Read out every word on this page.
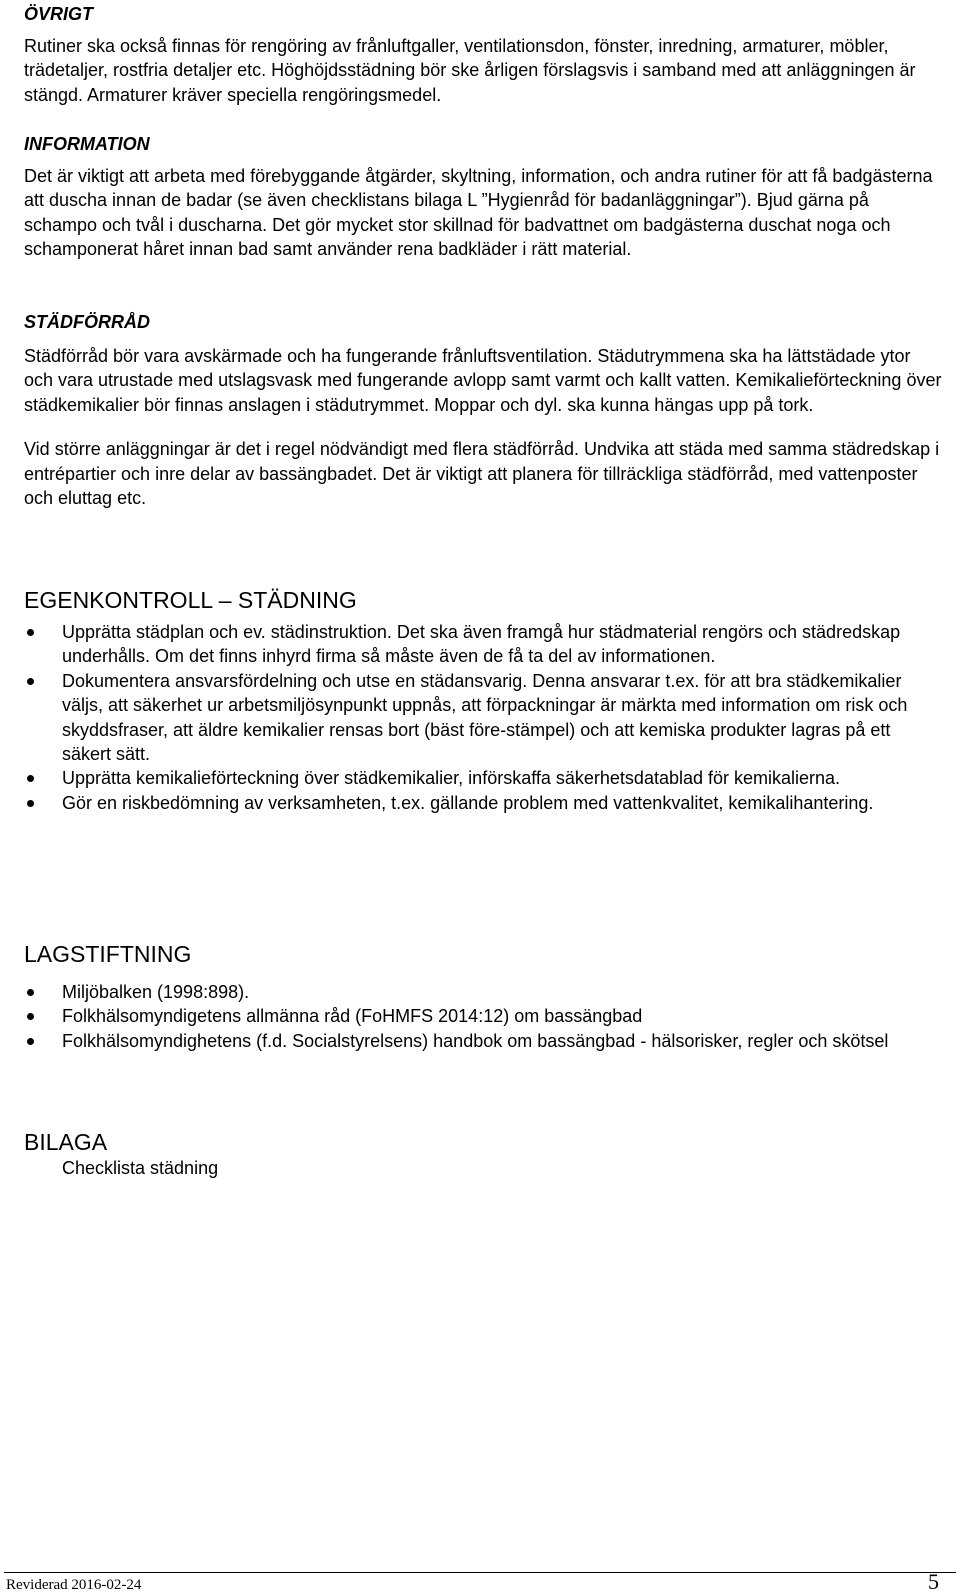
ÖVRIGT

Rutiner ska också finnas för rengöring av frånluftgaller, ventilationsdon, fönster, inredning, armaturer, möbler, trädetaljer, rostfria detaljer etc. Höghöjdsstädning bör ske årligen förslagsvis i samband med att anläggningen är stängd. Armaturer kräver speciella rengöringsmedel.

INFORMATION

Det är viktigt att arbeta med förebyggande åtgärder, skyltning, information, och andra rutiner för att få badgästerna att duscha innan de badar (se även checklistans bilaga L ”Hygienråd för badanläggningar”). Bjud gärna på schampo och tvål i duscharna. Det gör mycket stor skillnad för badvattnet om badgästerna duschat noga och schamponerat håret innan bad samt använder rena badkläder i rätt material.

STÄDFÖRRÅD

Städförråd bör vara avskärmade och ha fungerande frånluftsventilation. Städutrymmena ska ha lättstädade ytor och vara utrustade med utslagsvask med fungerande avlopp samt varmt och kallt vatten. Kemikalieförteckning över städkemikalier bör finnas anslagen i städutrymmet. Moppar och dyl. ska kunna hängas upp på tork.

Vid större anläggningar är det i regel nödvändigt med flera städförråd. Undvika att städa med samma städredskap i entrépartier och inre delar av bassängbadet. Det är viktigt att planera för tillräckliga städförråd, med vattenposter och eluttag etc.

EGENKONTROLL – STÄDNING
Upprätta städplan och ev. städinstruktion. Det ska även framgå hur städmaterial rengörs och städredskap underhålls. Om det finns inhyrd firma så måste även de få ta del av informationen.
Dokumentera ansvarsfördelning och utse en städansvarig. Denna ansvarar t.ex. för att bra städkemikalier väljs, att säkerhet ur arbetsmiljösynpunkt uppnås, att förpackningar är märkta med information om risk och skyddsfraser, att äldre kemikalier rensas bort (bäst före-stämpel) och att kemiska produkter lagras på ett säkert sätt.
Upprätta kemikalieförteckning över städkemikalier, införskaffa säkerhetsdatablad för kemikalierna.
Gör en riskbedömning av verksamheten, t.ex. gällande problem med vattenkvalitet, kemikalihantering.
LAGSTIFTNING
Miljöbalken (1998:898).
Folkhälsomyndigetens allmänna råd (FoHMFS 2014:12) om bassängbad
Folkhälsomyndighetens (f.d. Socialstyrelsens) handbok om bassängbad - hälsorisker, regler och skötsel
BILAGA

Checklista städning

Reviderad 2016-02-24	5
